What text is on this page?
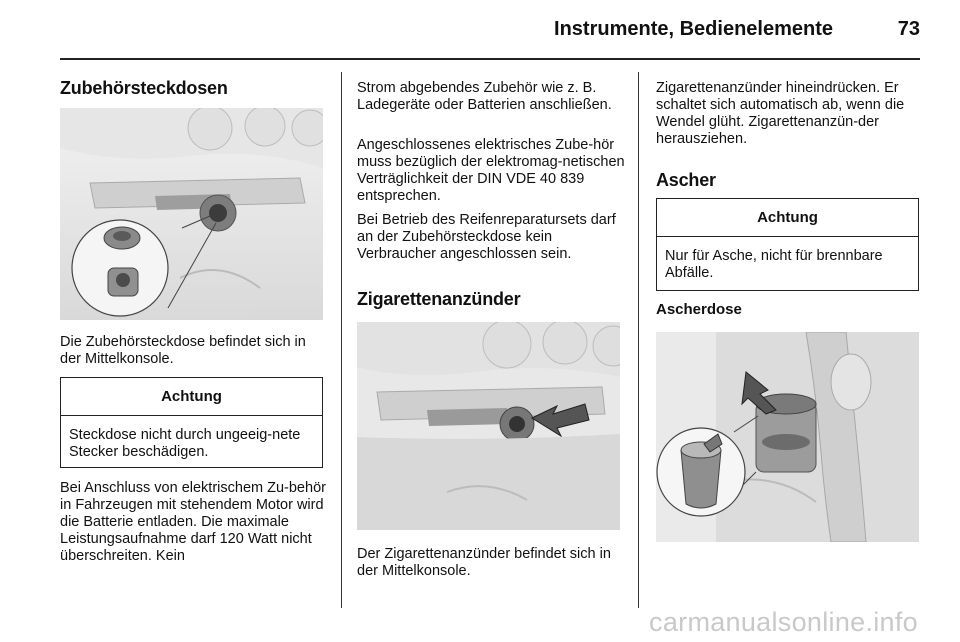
Instrumente, Bedienelemente	73
Zubehörsteckdosen
Die Zubehörsteckdose befindet sich in der Mittelkonsole.
Achtung
Steckdose nicht durch ungeeig-nete Stecker beschädigen.
Bei Anschluss von elektrischem Zu-behör in Fahrzeugen mit stehendem Motor wird die Batterie entladen. Die maximale Leistungsaufnahme darf 120 Watt nicht überschreiten. Kein
Strom abgebendes Zubehör wie z. B. Ladegeräte oder Batterien anschließen.
Angeschlossenes elektrisches Zube-hör muss bezüglich der elektromag-netischen Verträglichkeit der DIN VDE 40 839 entsprechen.
Bei Betrieb des Reifenreparatursets darf an der Zubehörsteckdose kein Verbraucher angeschlossen sein.
Zigarettenanzünder
Der Zigarettenanzünder befindet sich in der Mittelkonsole.
Zigarettenanzünder hineindrücken. Er schaltet sich automatisch ab, wenn die Wendel glüht. Zigarettenanzün-der herausziehen.
Ascher
Achtung
Nur für Asche, nicht für brennbare Abfälle.
Ascherdose
carmanualsonline.info
